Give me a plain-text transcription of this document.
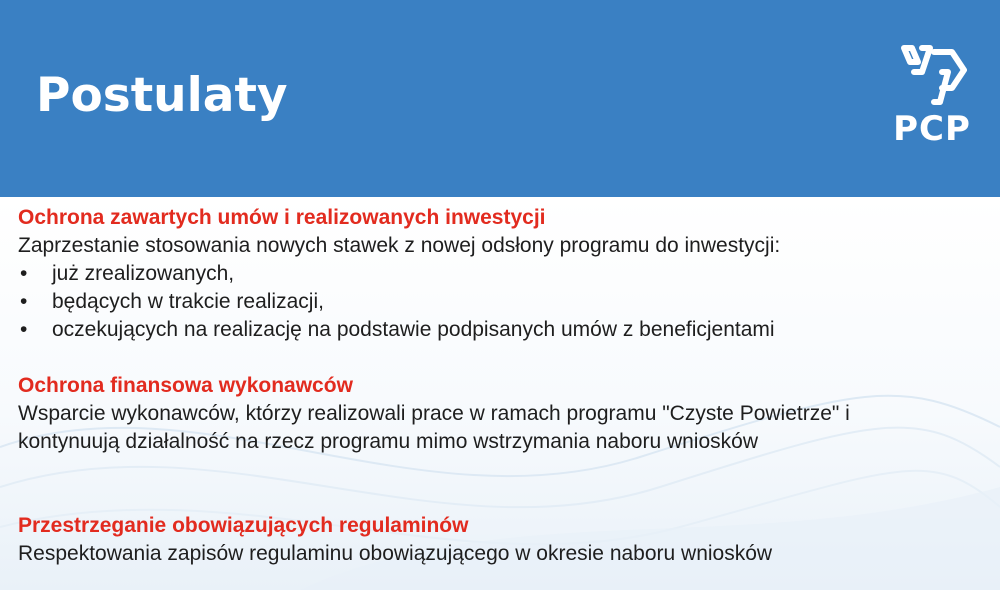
Postulaty
PCP
Ochrona zawartych umów i realizowanych inwestycji
Zaprzestanie stosowania nowych stawek z nowej odsłony programu do inwestycji:
• już zrealizowanych,
• będących w trakcie realizacji,
• oczekujących na realizację na podstawie podpisanych umów z beneficjentami
Ochrona finansowa wykonawców
Wsparcie wykonawców, którzy realizowali prace w ramach programu "Czyste Powietrze" i kontynuują działalność na rzecz programu mimo wstrzymania naboru wniosków
Przestrzeganie obowiązujących regulaminów
Respektowania zapisów regulaminu obowiązującego w okresie naboru wniosków
